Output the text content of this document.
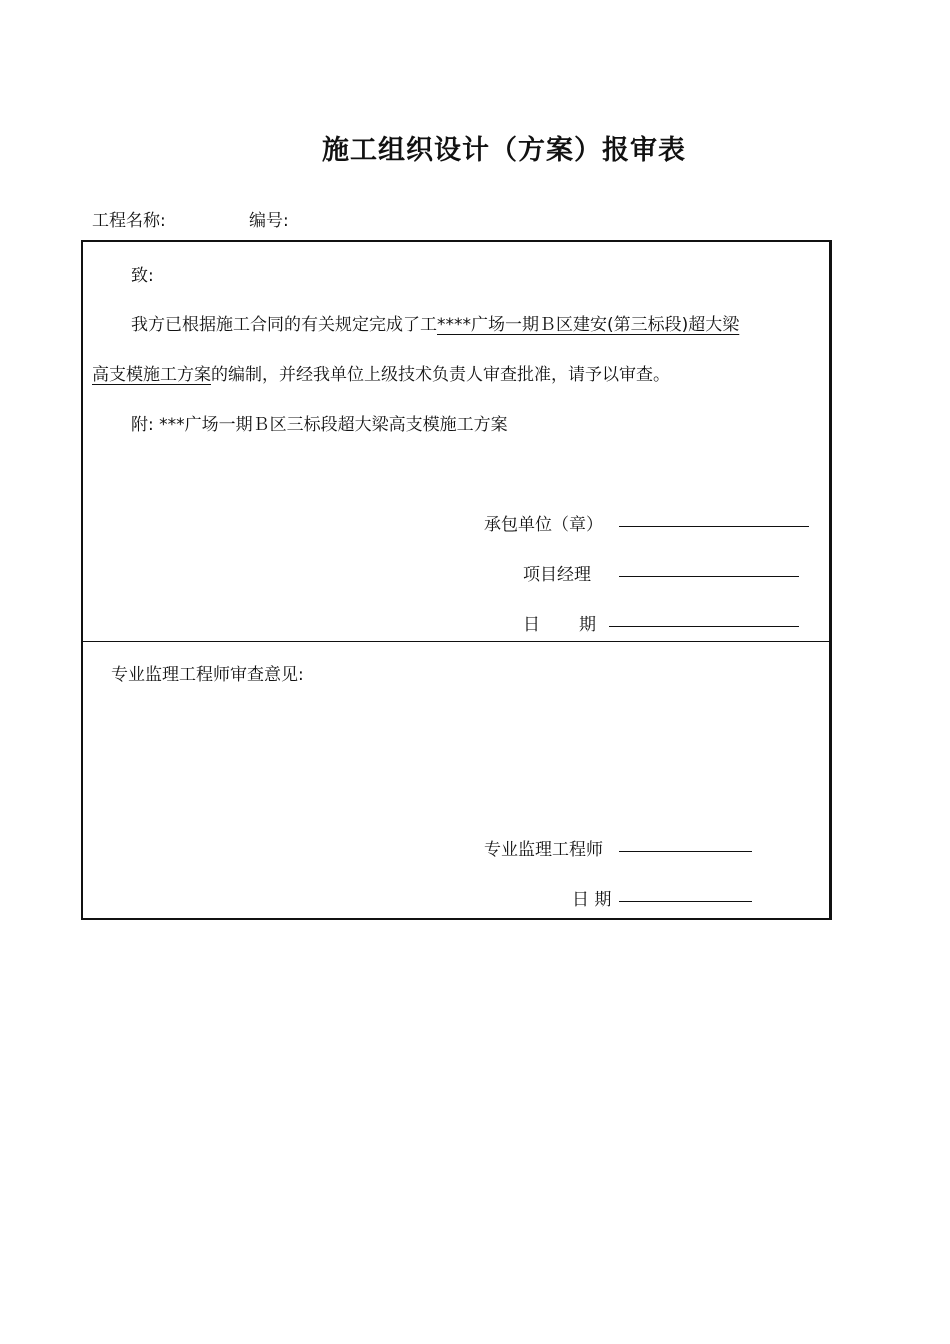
施工组织设计（方案）报审表
工程名称:	编号:
致:
我方已根据施工合同的有关规定完成了工****广场一期Ｂ区建安(第三标段)超大梁
高支模施工方案的编制，并经我单位上级技术负责人审查批准，请予以审查。
附: ***广场一期Ｂ区三标段超大梁高支模施工方案
承包单位（章）
项目经理
日 期
专业监理工程师审查意见:
专业监理工程师
日 期
